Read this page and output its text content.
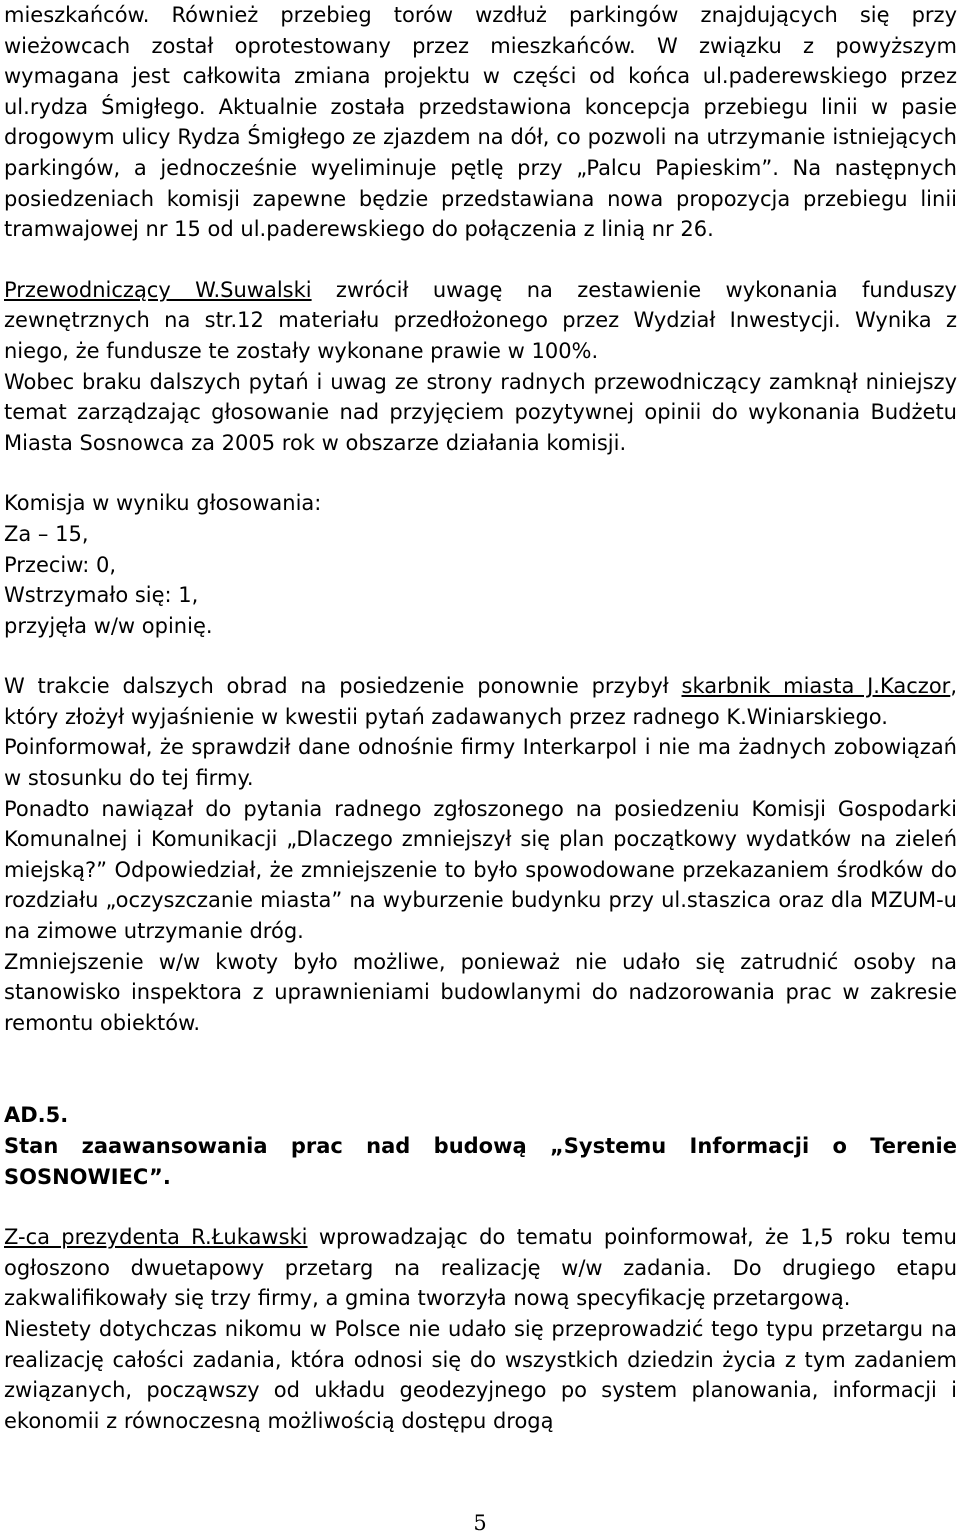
mieszkańców. Również przebieg torów wzdłuż parkingów znajdujących się przy wieżowcach został oprotestowany przez mieszkańców. W związku z powyższym wymagana jest całkowita zmiana projektu w części od końca ul.paderewskiego przez ul.rydza Śmigłego. Aktualnie została przedstawiona koncepcja przebiegu linii w pasie drogowym ulicy Rydza Śmigłego ze zjazdem na dół, co pozwoli na utrzymanie istniejących parkingów, a jednocześnie wyeliminuje pętlę przy „Palcu Papieskim”. Na następnych posiedzeniach komisji zapewne będzie przedstawiana nowa propozycja przebiegu linii tramwajowej nr 15 od ul.paderewskiego do połączenia z linią nr 26.

Przewodniczący W.Suwalski zwrócił uwagę na zestawienie wykonania funduszy zewnętrznych na str.12 materiału przedłożonego przez Wydział Inwestycji. Wynika z niego, że fundusze te zostały wykonane prawie w 100%.

Wobec braku dalszych pytań i uwag ze strony radnych przewodniczący zamknął niniejszy temat zarządzając głosowanie nad przyjęciem pozytywnej opinii do wykonania Budżetu Miasta Sosnowca za 2005 rok w obszarze działania komisji.

Komisja w wyniku głosowania:
Za – 15,
Przeciw: 0,
Wstrzymało się: 1,
przyjęła w/w opinię.

W trakcie dalszych obrad na posiedzenie ponownie przybył skarbnik miasta J.Kaczor, który złożył wyjaśnienie w kwestii pytań zadawanych przez radnego K.Winiarskiego.

Poinformował, że sprawdził dane odnośnie firmy Interkarpol i nie ma żadnych zobowiązań w stosunku do tej firmy.

Ponadto nawiązał do pytania radnego zgłoszonego na posiedzeniu Komisji Gospodarki Komunalnej i Komunikacji „Dlaczego zmniejszył się plan początkowy wydatków na zieleń miejską?” Odpowiedział, że zmniejszenie to było spowodowane przekazaniem środków do rozdziału „oczyszczanie miasta” na wyburzenie budynku przy ul.staszica oraz dla MZUM-u na zimowe utrzymanie dróg.

Zmniejszenie w/w kwoty było możliwe, ponieważ nie udało się zatrudnić osoby na stanowisko inspektora z uprawnieniami budowlanymi do nadzorowania prac w zakresie remontu obiektów.

AD.5.

Stan zaawansowania prac nad budową „Systemu Informacji o Terenie SOSNOWIEC”.

Z-ca prezydenta R.Łukawski wprowadzając do tematu poinformował, że 1,5 roku temu ogłoszono dwuetapowy przetarg na realizację w/w zadania. Do drugiego etapu zakwalifikowały się trzy firmy, a gmina tworzyła nową specyfikację przetargową.

Niestety dotychczas nikomu w Polsce nie udało się przeprowadzić tego typu przetargu na realizację całości zadania, która odnosi się do wszystkich dziedzin życia z tym zadaniem związanych, począwszy od układu geodezyjnego po system planowania, informacji i ekonomii z równoczesną możliwością dostępu drogą

5
